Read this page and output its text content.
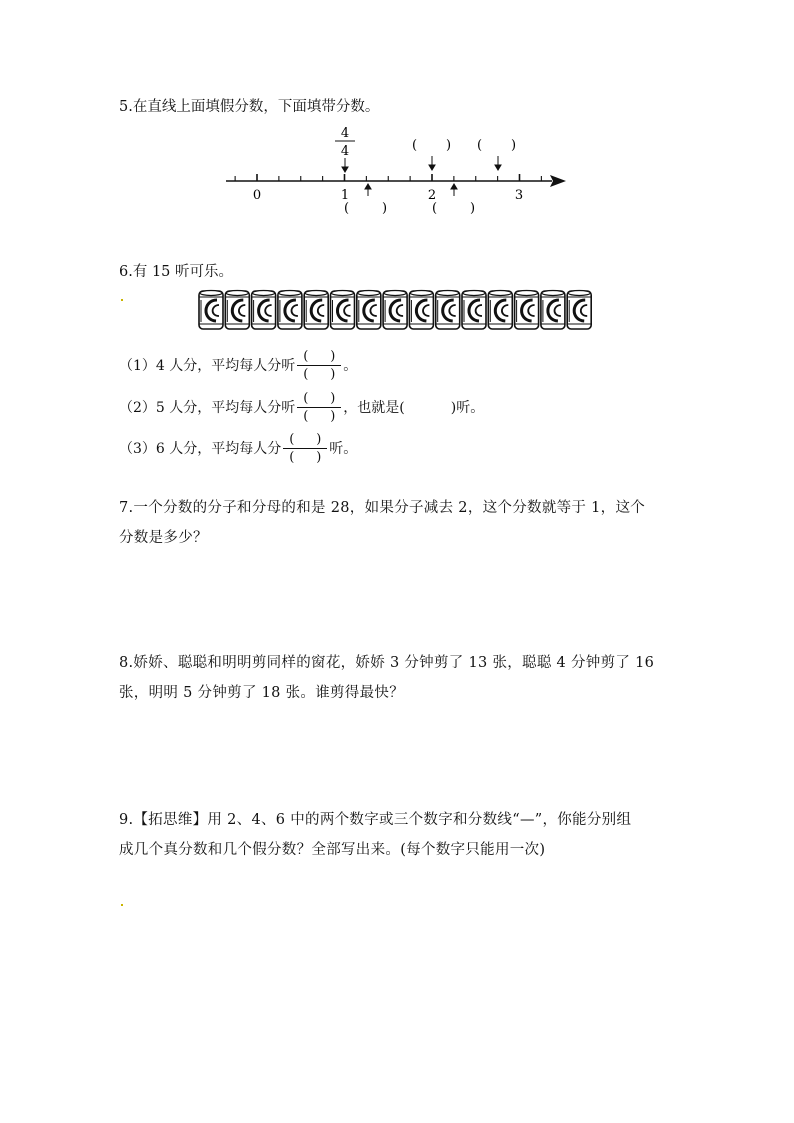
5.在直线上面填假分数，下面填带分数。
0	1	2	3
4
4	( ) ( )
(	)	(	)
6.有 15 听可乐。
（1）4 人分，平均每人分听 $\frac{( )}{( )}$ 。
（2）5 人分，平均每人分听 $\frac{( )}{( )}$ ，也就是(	)听。
（3）6 人分，平均每人分 $\frac{( )}{( )}$ 听。
7.一个分数的分子和分母的和是 28，如果分子减去 2，这个分数就等于 1，这个
分数是多少？
8.娇娇、聪聪和明明剪同样的窗花，娇娇 3 分钟剪了 13 张，聪聪 4 分钟剪了 16
张，明明 5 分钟剪了 18 张。谁剪得最快？
9.【拓思维】用 2、4、6 中的两个数字或三个数字和分数线“—”，你能分别组
成几个真分数和几个假分数？全部写出来。(每个数字只能用一次)
